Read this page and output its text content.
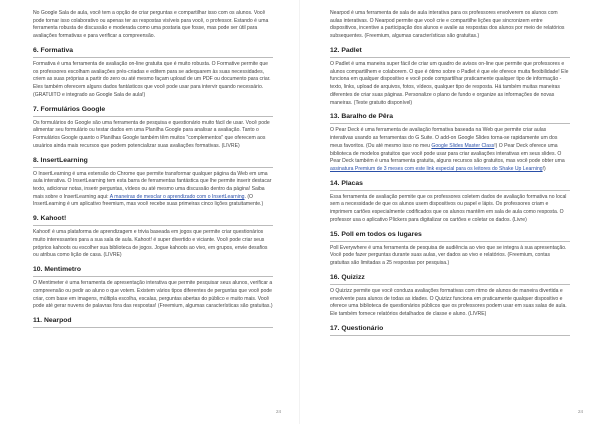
No Google Sala de aula, você tem a opção de criar perguntas e compartilhar isso com os alunos. Você pode tornar isso colaborativo ou apenas ter as respostas visíveis para você, o professor. Estando é uma ferramenta robusta de discussão e moderada como uma postaria que fosse, mas pode ser útil para avaliações formativas e para verificar a compreensão.

6. Formativa

Formativa é uma ferramenta de avaliação on-line gratuita que é muito robusta. O Formative permite que os professores escolham avaliações prés-criadas e editem para se adequarem às suas necessidades, criem as suas próprias a partir do zero ou até mesmo façam upload de um PDF ou documento para criar. Eles também oferecem alguns dados fantásticos que você pode usar para intervir quando necessário. (GRATUITO e integrado ao Google Sala de aula!)

7. Formulários Google

Os formulários do Google são uma ferramenta de pesquisa e questionário muito fácil de usar. Você pode alimentar seu formulário ou testar dados em uma Planilha Google para analisar a avaliação. Tanto o Formulários Google quanto o Planilhas Google também têm muitos "complementos" que oferecem aos usuários ainda mais recursos que podem potencializar suas avaliações formativas. (LIVRE)

8. InsertLearning

O InsertLearning é uma extensão do Chrome que permite transformar qualquer página da Web em uma aula interativa. O InsertLearning tem esta barra de ferramentas fantástica que lhe permite inserir destacar texto, adicionar notas, inserir perguntas, vídeos ou até mesmo uma discussão dentro da página! Saiba mais sobre o InsertLearning aqui: A maneiras de mesclar o aprendizado com o InsertLearning. (O InsertLearning é um aplicativo freemium, mas você recebe suas primeiras cinco lições gratuitamente.)

9. Kahoot!

Kahoot! é uma plataforma de aprendizagem e trivia baseada em jogos que permite criar questionários muito interessantes para a sua sala de aula. Kahoot! é super divertido e viciante. Você pode criar seus próprios kahoots ou escolher sua biblioteca de jogos. Jogue kahoots ao vivo, em grupos, envie desafios ou atribua como lição de casa. (LIVRE)

10. Mentimetro

O Mentimeter é uma ferramenta de apresentação interativa que permite pesquisar seus alunos, verificar a compreensão ou pedir ao aluno o que votem. Existem vários tipos diferentes de perguntas que você pode criar, com base em imagens, múltipla escolha, escalas, perguntas abertas do público e muito mais. Você pode até gerar nuvens de palavras fora das respostas! (Freemium, algumas características são gratuitas.)

11. Nearpod
24

Nearpod é uma ferramenta de sala de aula interativa para os professores envolverem os alunos com aulas interativas. O Nearpod permite que você crie e compartilhe lições que sincronizem entre dispositivos, incentive a participação dos alunos e avalie as respostas dos alunos por meio de relatórios subsequentes. (Freemium, algumas características são gratuitas.)

12. Padlet

O Padlet é uma maneira super fácil de criar um quadro de avisos on-line que permite que professores e alunos compartilhem e colaborem. O que é ótimo sobre o Padlet é que ele oferece muita flexibilidade! Ele funciona em qualquer dispositivo e você pode compartilhar praticamente qualquer tipo de informação - texto, links, upload de arquivos, fotos, vídeos, qualquer tipo de resposta. Há também muitas maneiras diferentes de criar suas páginas. Personalize o plano de fundo e organize as informações de novas maneiras. (Teste gratuito disponível)

13. Baralho de Pêra

O Pear Deck é uma ferramenta de avaliação formativa baseada na Web que permite criar aulas interativas usando as ferramentas do G Suite. O add-on Google Slides torna-se rapidamente um dos meus favoritos. (Ou até mesmo isso no meu Google Slides Master Class!) O Pear Deck oferece uma biblioteca de modelos gratuitos que você pode usar para criar avaliações interativas em seus slides. O Pear Deck também é uma ferramenta gratuita, alguns recursos são gratuitos, mas você pode obter uma assinatura Premium de 3 meses com este link especial para os leitores do Shake Up Learning!)

14. Placas

Essa ferramenta de avaliação permite que os professores coletem dados de avaliação formativa no local sem a necessidade de que os alunos usem dispositivos ou papel e lápis. Os professores criam e imprimem cartões especialmente codificados que os alunos mantêm em sala de aula como resposta. O professor usa o aplicativo Plickers para digitalizar os cartões e coletar os dados. (Livre)

15. Poll em todos os lugares

Poll Everywhere é uma ferramenta de pesquisa de audiência ao vivo que se integra à sua apresentação. Você pode fazer perguntas durante suas aulas, ver dados ao vivo e relatórios. (Freemium, contas gratuitas são limitadas a 25 respostas por pesquisa.)

16. Quizizz

O Quizizz permite que você conduza avaliações formativas com ritmo de alunos de maneira divertida e envolvente para alunos de todas as idades. O Quizizz funciona em praticamente qualquer dispositivo e oferece uma biblioteca de questionários públicos que os professores podem usar em suas salas de aula. Ele também fornece relatórios detalhados de classe e aluno. (LIVRE)

17. Questionário
24
